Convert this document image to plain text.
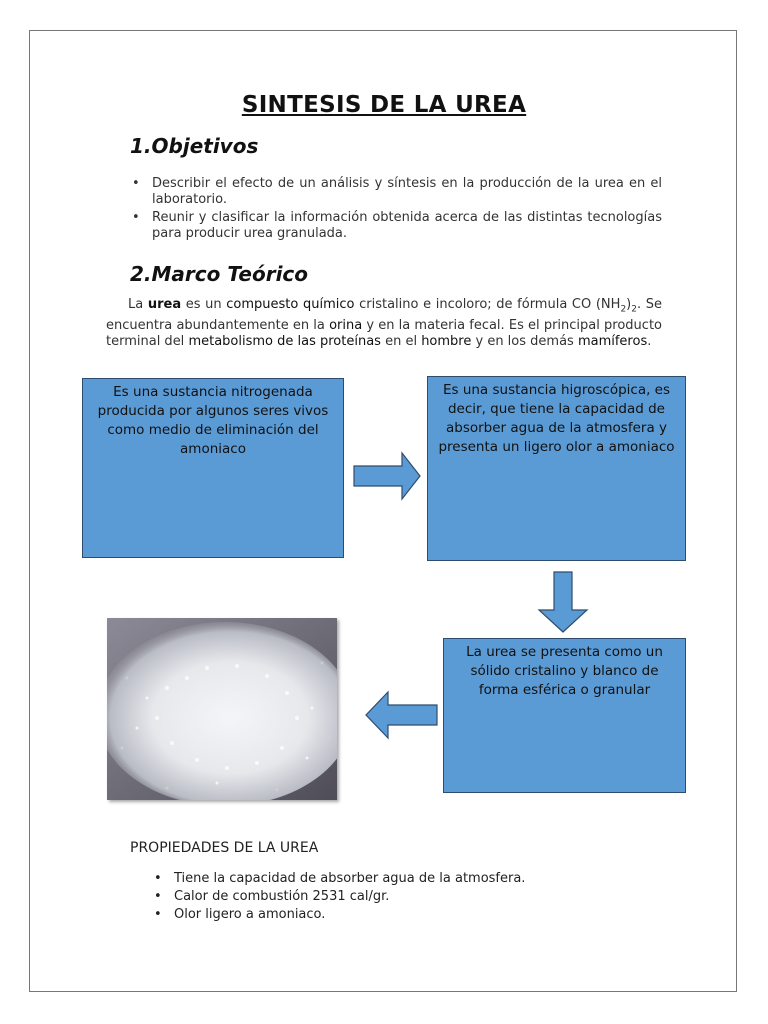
SINTESIS DE LA UREA
1.Objetivos
• Describir el efecto de un análisis y síntesis en la producción de la urea en el laboratorio.
• Reunir y clasificar la información obtenida acerca de las distintas tecnologías para producir urea granulada.
2.Marco Teórico
La urea es un compuesto químico cristalino e incoloro; de fórmula CO $(NH_2)_2$. Se encuentra abundantemente en la orina y en la materia fecal. Es el principal producto terminal del metabolismo de las proteínas en el hombre y en los demás mamíferos.
Es una sustancia nitrogenada producida por algunos seres vivos como medio de eliminación del amoniaco
Es una sustancia higroscópica, es decir, que tiene la capacidad de absorber agua de la atmosfera y presenta un ligero olor a amoniaco
La urea se presenta como un sólido cristalino y blanco de forma esférica o granular
PROPIEDADES DE LA UREA
• Tiene la capacidad de absorber agua de la atmosfera.
• Calor de combustión 2531 cal/gr.
• Olor ligero a amoniaco.
